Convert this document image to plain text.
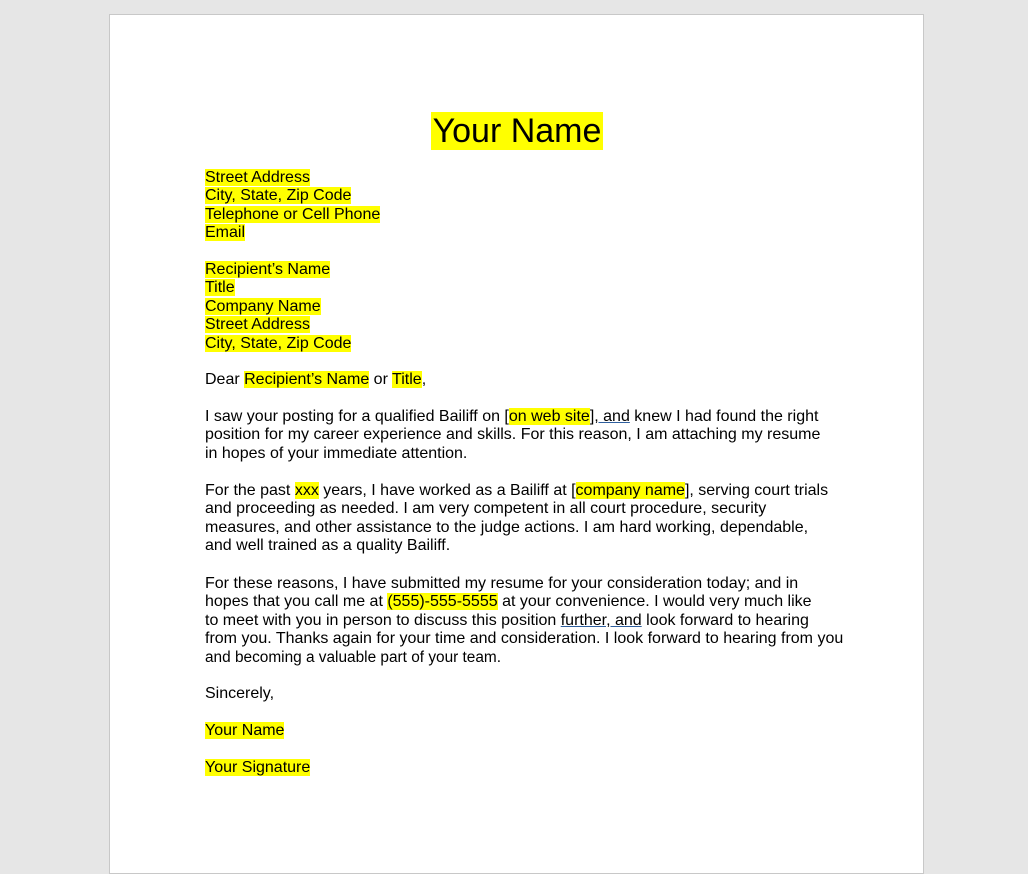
Your Name
Street Address
City, State, Zip Code
Telephone or Cell Phone
Email
Recipient’s Name
Title
Company Name
Street Address
City, State, Zip Code
Dear Recipient’s Name or Title,
I saw your posting for a qualified Bailiff on [on web site], and knew I had found the right
position for my career experience and skills. For this reason, I am attaching my resume
in hopes of your immediate attention.
For the past xxx years, I have worked as a Bailiff at [company name], serving court trials
and proceeding as needed. I am very competent in all court procedure, security
measures, and other assistance to the judge actions. I am hard working, dependable,
and well trained as a quality Bailiff.
For these reasons, I have submitted my resume for your consideration today; and in
hopes that you call me at (555)-555-5555 at your convenience. I would very much like
to meet with you in person to discuss this position further, and look forward to hearing
from you. Thanks again for your time and consideration. I look forward to hearing from you
and becoming a valuable part of your team.
Sincerely,
Your Name
Your Signature
